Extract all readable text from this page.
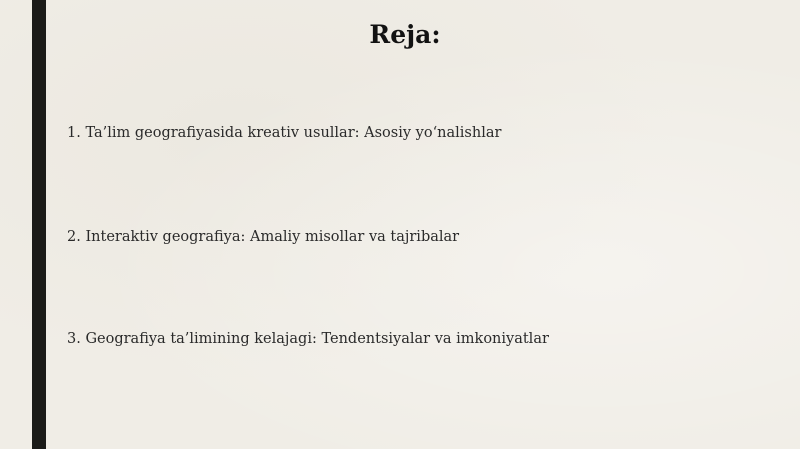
Reja:
1. Ta’lim geografiyasida kreativ usullar: Asosiy yo‘nalishlar
2. Interaktiv geografiya: Amaliy misollar va tajribalar
3. Geografiya ta’limining kelajagi: Tendentsiyalar va imkoniyatlar
